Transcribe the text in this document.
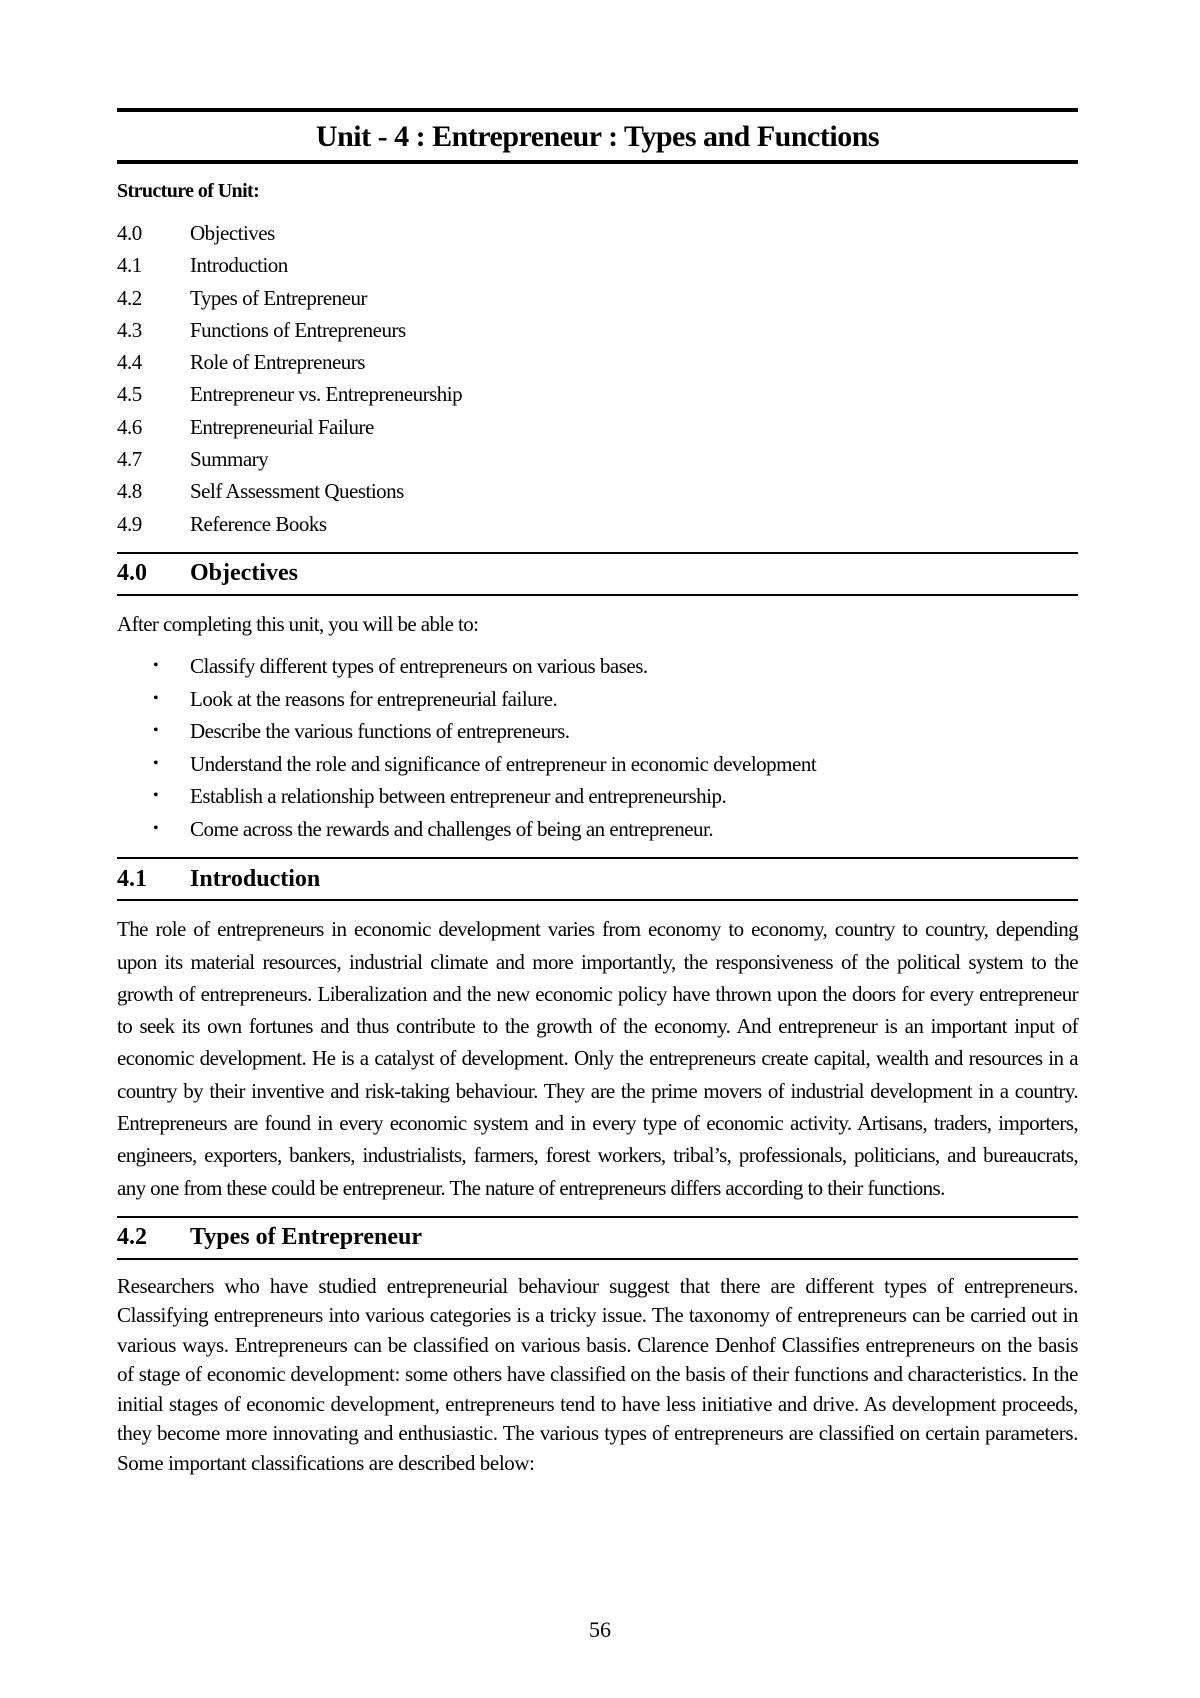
Unit - 4 : Entrepreneur : Types and Functions
Structure of Unit:
4.0	Objectives
4.1	Introduction
4.2	Types of Entrepreneur
4.3	Functions of Entrepreneurs
4.4	Role of Entrepreneurs
4.5	Entrepreneur vs. Entrepreneurship
4.6	Entrepreneurial Failure
4.7	Summary
4.8	Self Assessment Questions
4.9	Reference Books
4.0	Objectives

After completing this unit, you will be able to:

•	Classify different types of entrepreneurs on various bases.
•	Look at the reasons for entrepreneurial failure.
•	Describe the various functions of entrepreneurs.
•	Understand the role and significance of entrepreneur in economic development
•	Establish a relationship between entrepreneur and entrepreneurship.
•	Come across the rewards and challenges of being an entrepreneur.
4.1	Introduction

The role of entrepreneurs in economic development varies from economy to economy, country to country, depending upon its material resources, industrial climate and more importantly, the responsiveness of the political system to the growth of entrepreneurs. Liberalization and the new economic policy have thrown upon the doors for every entrepreneur to seek its own fortunes and thus contribute to the growth of the economy. And entrepreneur is an important input of economic development. He is a catalyst of development. Only the entrepreneurs create capital, wealth and resources in a country by their inventive and risk-taking behaviour. They are the prime movers of industrial development in a country. Entrepreneurs are found in every economic system and in every type of economic activity. Artisans, traders, importers, engineers, exporters, bankers, industrialists, farmers, forest workers, tribal’s, professionals, politicians, and bureaucrats, any one from these could be entrepreneur. The nature of entrepreneurs differs according to their functions.

4.2	Types of Entrepreneur

Researchers who have studied entrepreneurial behaviour suggest that there are different types of entrepreneurs. Classifying entrepreneurs into various categories is a tricky issue. The taxonomy of entrepreneurs can be carried out in various ways. Entrepreneurs can be classified on various basis. Clarence Denhof Classifies entrepreneurs on the basis of stage of economic development: some others have classified on the basis of their functions and characteristics. In the initial stages of economic development, entrepreneurs tend to have less initiative and drive. As development proceeds, they become more innovating and enthusiastic. The various types of entrepreneurs are classified on certain parameters. Some important classifications are described below:

56
